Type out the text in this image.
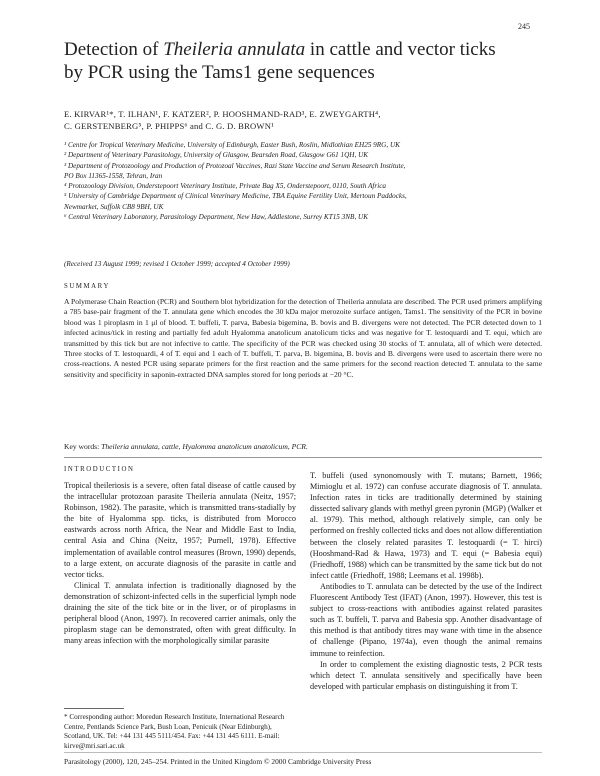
245
Detection of Theileria annulata in cattle and vector ticks
by PCR using the Tams1 gene sequences
E. KIRVAR¹*, T. ILHAN¹, F. KATZER², P. HOOSHMAND-RAD³, E. ZWEYGARTH⁴,
C. GERSTENBERG⁵, P. PHIPPS⁶ and C. G. D. BROWN¹

¹ Centre for Tropical Veterinary Medicine, University of Edinburgh, Easter Bush, Roslin, Midlothian EH25 9RG, UK

² Department of Veterinary Parasitology, University of Glasgow, Bearsden Road, Glasgow G61 1QH, UK

³ Department of Protozoology and Production of Protozoal Vaccines, Razi State Vaccine and Serum Research Institute,

PO Box 11365-1558, Tehran, Iran

⁴ Protozoology Division, Onderstepoort Veterinary Institute, Private Bag X5, Onderstepoort, 0110, South Africa

⁵ University of Cambridge Department of Clinical Veterinary Medicine, TBA Equine Fertility Unit, Mertoun Paddocks,

Newmarket, Suffolk CB8 9BH, UK

⁶ Central Veterinary Laboratory, Parasitology Department, New Haw, Addlestone, Surrey KT15 3NB, UK

(Received 13 August 1999; revised 1 October 1999; accepted 4 October 1999)
SUMMARY
A Polymerase Chain Reaction (PCR) and Southern blot hybridization for the detection of Theileria annulata are described. The PCR used primers amplifying a 785 base-pair fragment of the T. annulata gene which encodes the 30 kDa major merozoite surface antigen, Tams1. The sensitivity of the PCR in bovine blood was 1 piroplasm in 1 μl of blood. T. buffeli, T. parva, Babesia bigemina, B. bovis and B. divergens were not detected. The PCR detected down to 1 infected acinus/tick in resting and partially fed adult Hyalomma anatolicum anatolicum ticks and was negative for T. lestoquardi and T. equi, which are transmitted by this tick but are not infective to cattle. The specificity of the PCR was checked using 30 stocks of T. annulata, all of which were detected. Three stocks of T. lestoquardi, 4 of T. equi and 1 each of T. buffeli, T. parva, B. bigemina, B. bovis and B. divergens were used to ascertain there were no cross-reactions. A nested PCR using separate primers for the first reaction and the same primers for the second reaction detected T. annulata to the same sensitivity and specificity in saponin-extracted DNA samples stored for long periods at −20 °C.
Key words: Theileria annulata, cattle, Hyalomma anatolicum anatolicum, PCR.
INTRODUCTION

Tropical theileriosis is a severe, often fatal disease of cattle caused by the intracellular protozoan parasite Theileria annulata (Neitz, 1957; Robinson, 1982). The parasite, which is transmitted trans-stadially by the bite of Hyalomma spp. ticks, is distributed from Morocco eastwards across north Africa, the Near and Middle East to India, central Asia and China (Neitz, 1957; Purnell, 1978). Effective implementation of available control measures (Brown, 1990) depends, to a large extent, on accurate diagnosis of the parasite in cattle and vector ticks.

Clinical T. annulata infection is traditionally diagnosed by the demonstration of schizont-infected cells in the superficial lymph node draining the site of the tick bite or in the liver, or of piroplasms in peripheral blood (Anon, 1997). In recovered carrier animals, only the piroplasm stage can be demonstrated, often with great difficulty. In many areas infection with the morphologically similar parasite

* Corresponding author: Moredun Research Institute, International Research Centre, Pentlands Science Park, Bush Loan, Penicuik (Near Edinburgh), Scotland, UK. Tel: +44 131 445 5111/454. Fax: +44 131 445 6111. E-mail: kirve@mri.sari.ac.uk

T. buffeli (used synonomously with T. mutans; Barnett, 1966; Mimioglu et al. 1972) can confuse accurate diagnosis of T. annulata. Infection rates in ticks are traditionally determined by staining dissected salivary glands with methyl green pyronin (MGP) (Walker et al. 1979). This method, although relatively simple, can only be performed on freshly collected ticks and does not allow differentiation between the closely related parasites T. lestoquardi (= T. hirci) (Hooshmand-Rad & Hawa, 1973) and T. equi (= Babesia equi) (Friedhoff, 1988) which can be transmitted by the same tick but do not infect cattle (Friedhoff, 1988; Leemans et al. 1998b).

Antibodies to T. annulata can be detected by the use of the Indirect Fluorescent Antibody Test (IFAT) (Anon, 1997). However, this test is subject to cross-reactions with antibodies against related parasites such as T. buffeli, T. parva and Babesia spp. Another disadvantage of this method is that antibody titres may wane with time in the absence of challenge (Pipano, 1974a), even though the animal remains immune to reinfection.

In order to complement the existing diagnostic tests, 2 PCR tests which detect T. annulata sensitively and specifically have been developed with particular emphasis on distinguishing it from T.

Parasitology (2000), 120, 245–254. Printed in the United Kingdom © 2000 Cambridge University Press
